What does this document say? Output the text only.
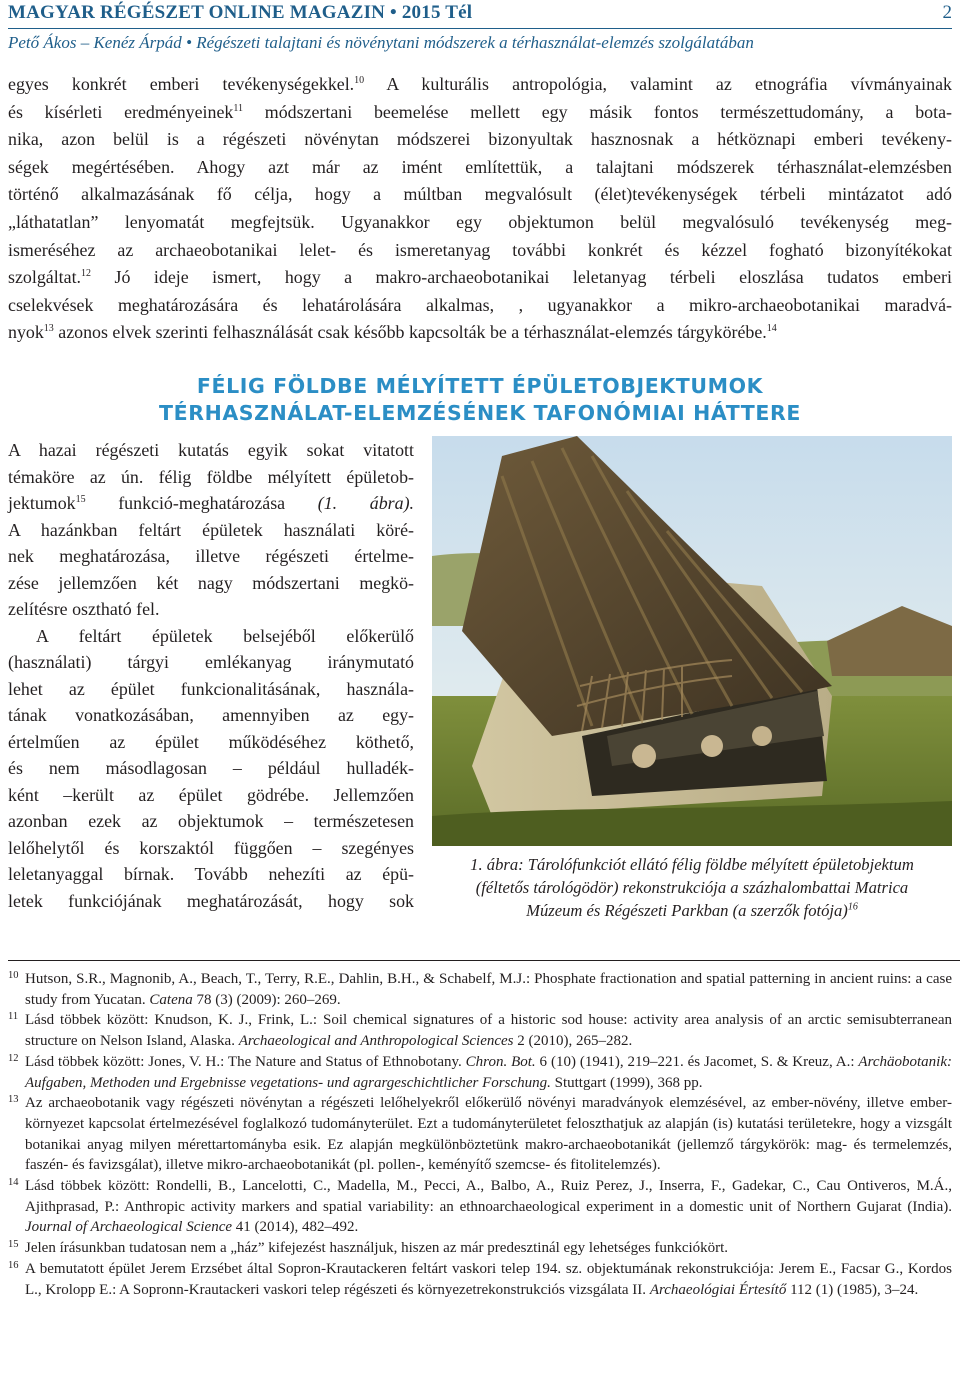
MAGYAR RÉGÉSZET ONLINE MAGAZIN • 2015 Tél	2
Pető Ákos – Kenéz Árpád • Régészeti talajtani és növénytani módszerek a térhasználat-elemzés szolgálatában
egyes konkrét emberi tevékenységekkel.$^{10}$ A kulturális antropológia, valamint az etnográfia vívmányainak
és kísérleti eredményeinek$^{11}$ módszertani beemelése mellett egy másik fontos természettudomány, a bota-
nika, azon belül is a régészeti növénytan módszerei bizonyultak hasznosnak a hétköznapi emberi tevékeny-
ségek megértésében. Ahogy azt már az imént említettük, a talajtani módszerek térhasználat-elemzésben
történő alkalmazásának fő célja, hogy a múltban megvalósult (élet)tevékenységek térbeli mintázatot adó
„láthatatlan” lenyomatát megfejtsük. Ugyanakkor egy objektumon belül megvalósuló tevékenység meg-
ismeréséhez az archaeobotanikai lelet- és ismeretanyag további konkrét és kézzel fogható bizonyítékokat
szolgáltat.$^{12}$ Jó ideje ismert, hogy a makro-archaeobotanikai leletanyag térbeli eloszlása tudatos emberi
cselekvések meghatározására és lehatárolására alkalmas, , ugyanakkor a mikro-archaeobotanikai maradvá-
nyok$^{13}$ azonos elvek szerinti felhasználását csak később kapcsolták be a térhasználat-elemzés tárgykörébe.$^{14}$
FÉLIG FÖLDBE MÉLYÍTETT ÉPÜLETOBJEKTUMOK
TÉRHASZNÁLAT-ELEMZÉSÉNEK TAFONÓMIAI HÁTTERE
A hazai régészeti kutatás egyik sokat vitatott
témaköre az ún. félig földbe mélyített épületob-
jektumok$^{15}$ funkció-meghatározása (1. ábra).
A hazánkban feltárt épületek használati köré-
nek meghatározása, illetve régészeti értelme-
zése jellemzően két nagy módszertani megkö-
zelítésre osztható fel.
A feltárt épületek belsejéből előkerülő
(használati) tárgyi emlékanyag iránymutató
lehet az épület funkcionalitásának, használa-
tának vonatkozásában, amennyiben az egy-
értelműen az épület működéséhez köthető,
és nem másodlagosan – például hulladék-
ként –került az épület gödrébe. Jellemzően
azonban ezek az objektumok – természetesen
lelőhelytől és korszaktól függően – szegényes
leletanyaggal bírnak. Tovább nehezíti az épü-
letek funkciójának meghatározását, hogy sok
1. ábra: Tárolófunkciót ellátó félig földbe mélyített épületobjektum
(féltetős tárológödör) rekonstrukciója a százhalombattai Matrica
Múzeum és Régészeti Parkban (a szerzők fotója)$^{16}$
10 Hutson, S.R., Magnonib, A., Beach, T., Terry, R.E., Dahlin, B.H., & Schabelf, M.J.: Phosphate fractionation and spatial patterning in ancient ruins: a case study from Yucatan. Catena 78 (3) (2009): 260–269.
11 Lásd többek között: Knudson, K. J., Frink, L.: Soil chemical signatures of a historic sod house: activity area analysis of an arctic semisubterranean structure on Nelson Island, Alaska. Archaeological and Anthropological Sciences 2 (2010), 265–282.
12 Lásd többek között: Jones, V. H.: The Nature and Status of Ethnobotany. Chron. Bot. 6 (10) (1941), 219–221. és Jacomet, S. & Kreuz, A.: Archäobotanik: Aufgaben, Methoden und Ergebnisse vegetations- und agrargeschichtlicher Forschung. Stuttgart (1999), 368 pp.
13 Az archaeobotanik vagy régészeti növénytan a régészeti lelőhelyekről előkerülő növényi maradványok elemzésével, az ember-növény, illetve ember-környezet kapcsolat értelmezésével foglalkozó tudományterület. Ezt a tudományterületet feloszthatjuk az alapján (is) kutatási területekre, hogy a vizsgált botanikai anyag milyen mérettartományba esik. Ez alapján megkülönböztetünk makro-archaeobotanikát (jellemző tárgykörök: mag- és termelemzés, faszén- és favizsgálat), illetve mikro-archaeobotanikát (pl. pollen-, keményítő szemcse- és fitolitelemzés).
14 Lásd többek között: Rondelli, B., Lancelotti, C., Madella, M., Pecci, A., Balbo, A., Ruiz Perez, J., Inserra, F., Gadekar, C., Cau Ontiveros, M.Á., Ajithprasad, P.: Anthropic activity markers and spatial variability: an ethnoarchaeological experiment in a domestic unit of Northern Gujarat (India). Journal of Archaeological Science 41 (2014), 482–492.
15 Jelen írásunkban tudatosan nem a „ház” kifejezést használjuk, hiszen az már predesztinál egy lehetséges funkciókört.
16 A bemutatott épület Jerem Erzsébet által Sopron-Krautackeren feltárt vaskori telep 194. sz. objektumának rekonstrukciója: Jerem E., Facsar G., Kordos L., Krolopp E.: A Sopronn-Krautackeri vaskori telep régészeti és környezetrekonstrukciós vizsgálata II. Archaeológiai Értesítő 112 (1) (1985), 3–24.
